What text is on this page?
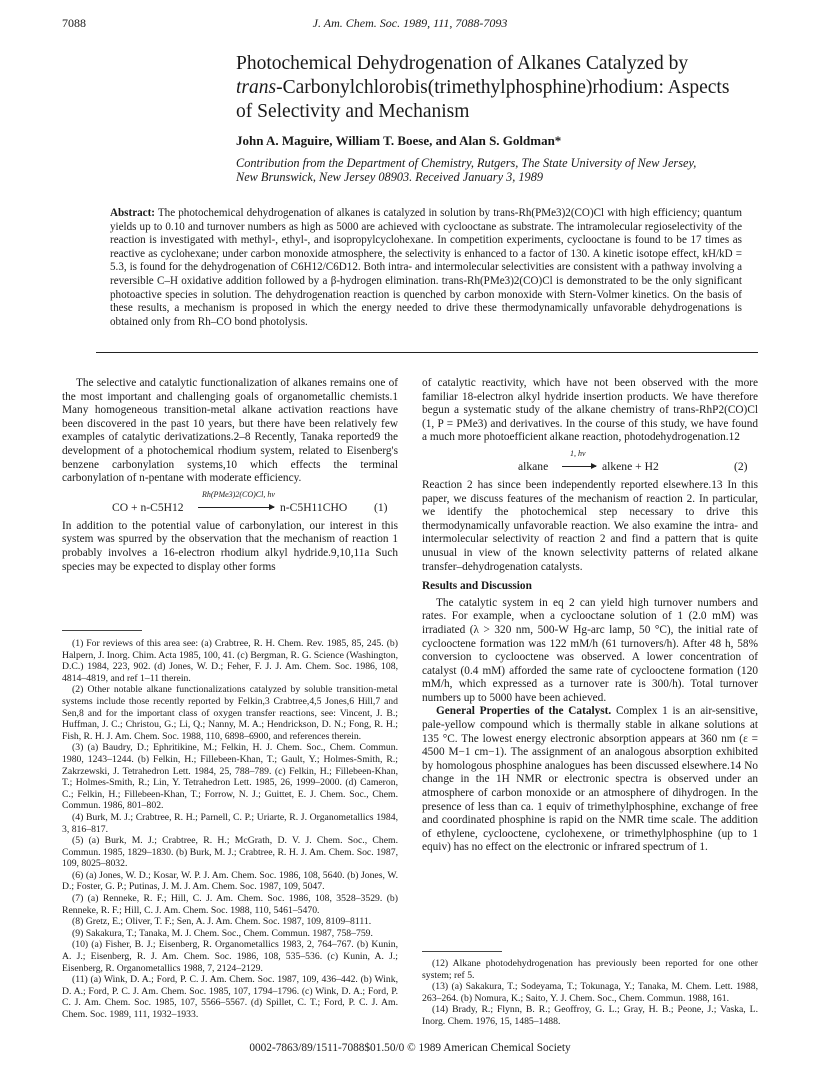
7088	J. Am. Chem. Soc. 1989, 111, 7088-7093
Photochemical Dehydrogenation of Alkanes Catalyzed by
trans-Carbonylchlorobis(trimethylphosphine)rhodium: Aspects
of Selectivity and Mechanism
John A. Maguire, William T. Boese, and Alan S. Goldman*
Contribution from the Department of Chemistry, Rutgers, The State University of New Jersey,
New Brunswick, New Jersey 08903. Received January 3, 1989
Abstract: The photochemical dehydrogenation of alkanes is catalyzed in solution by trans-Rh(PMe3)2(CO)Cl with high efficiency; quantum yields up to 0.10 and turnover numbers as high as 5000 are achieved with cyclooctane as substrate. The intramolecular regioselectivity of the reaction is investigated with methyl-, ethyl-, and isopropylcyclohexane. In competition experiments, cyclooctane is found to be 17 times as reactive as cyclohexane; under carbon monoxide atmosphere, the selectivity is enhanced to a factor of 130. A kinetic isotope effect, kH/kD = 5.3, is found for the dehydrogenation of C6H12/C6D12. Both intra- and intermolecular selectivities are consistent with a pathway involving a reversible C–H oxidative addition followed by a β-hydrogen elimination. trans-Rh(PMe3)2(CO)Cl is demonstrated to be the only significant photoactive species in solution. The dehydrogenation reaction is quenched by carbon monoxide with Stern-Volmer kinetics. On the basis of these results, a mechanism is proposed in which the energy needed to drive these thermodynamically unfavorable dehydrogenations is obtained only from Rh–CO bond photolysis.

The selective and catalytic functionalization of alkanes remains one of the most important and challenging goals of organometallic chemists.1 Many homogeneous transition-metal alkane activation reactions have been discovered in the past 10 years, but there have been relatively few examples of catalytic derivatizations.2–8 Recently, Tanaka reported9 the development of a photochemical rhodium system, related to Eisenberg's benzene carbonylation systems,10 which effects the terminal carbonylation of n-pentane with moderate efficiency.

CO + n-C5H12
Rh(PMe3)2(CO)Cl, hν
n-C5H11CHO (1)

In addition to the potential value of carbonylation, our interest in this system was spurred by the observation that the mechanism of reaction 1 probably involves a 16-electron rhodium alkyl hydride.9,10,11a Such species may be expected to display other forms

of catalytic reactivity, which have not been observed with the more familiar 18-electron alkyl hydride insertion products. We have therefore begun a systematic study of the alkane chemistry of trans-RhP2(CO)Cl (1, P = PMe3) and derivatives. In the course of this study, we have found a much more photoefficient alkane reaction, photodehydrogenation.12

alkane
1, hν
alkene + H2	(2)

Reaction 2 has since been independently reported elsewhere.13 In this paper, we discuss features of the mechanism of reaction 2. In particular, we identify the photochemical step necessary to drive this thermodynamically unfavorable reaction. We also examine the intra- and intermolecular selectivity of reaction 2 and find a pattern that is quite unusual in view of the known selectivity patterns of related alkane transfer–dehydrogenation catalysts.

Results and Discussion

The catalytic system in eq 2 can yield high turnover numbers and rates. For example, when a cyclooctane solution of 1 (2.0 mM) was irradiated (λ > 320 nm, 500-W Hg-arc lamp, 50 °C), the initial rate of cyclooctene formation was 122 mM/h (61 turnovers/h). After 48 h, 58% conversion to cyclooctene was observed. A lower concentration of catalyst (0.4 mM) afforded the same rate of cyclooctene formation (120 mM/h, which expressed as a turnover rate is 300/h). Total turnover numbers up to 5000 have been achieved.

General Properties of the Catalyst. Complex 1 is an air-sensitive, pale-yellow compound which is thermally stable in alkane solutions at 135 °C. The lowest energy electronic absorption appears at 360 nm (ε = 4500 M−1 cm−1). The assignment of an analogous absorption exhibited by homologous phosphine analogues has been discussed elsewhere.14 No change in the 1H NMR or electronic spectra is observed under an atmosphere of carbon monoxide or an atmosphere of dihydrogen. In the presence of less than ca. 1 equiv of trimethylphosphine, exchange of free and coordinated phosphine is rapid on the NMR time scale. The addition of ethylene, cyclooctene, cyclohexene, or trimethylphosphine (up to 1 equiv) has no effect on the electronic or infrared spectrum of 1.

(1) For reviews of this area see: (a) Crabtree, R. H. Chem. Rev. 1985, 85, 245. (b) Halpern, J. Inorg. Chim. Acta 1985, 100, 41. (c) Bergman, R. G. Science (Washington, D.C.) 1984, 223, 902. (d) Jones, W. D.; Feher, F. J. J. Am. Chem. Soc. 1986, 108, 4814–4819, and ref 1–11 therein.

(2) Other notable alkane functionalizations catalyzed by soluble transition-metal systems include those recently reported by Felkin,3 Crabtree,4,5 Jones,6 Hill,7 and Sen,8 and for the important class of oxygen transfer reactions, see: Vincent, J. B.; Huffman, J. C.; Christou, G.; Li, Q.; Nanny, M. A.; Hendrickson, D. N.; Fong, R. H.; Fish, R. H. J. Am. Chem. Soc. 1988, 110, 6898–6900, and references therein.

(3) (a) Baudry, D.; Ephritikine, M.; Felkin, H. J. Chem. Soc., Chem. Commun. 1980, 1243–1244. (b) Felkin, H.; Fillebeen-Khan, T.; Gault, Y.; Holmes-Smith, R.; Zakrzewski, J. Tetrahedron Lett. 1984, 25, 788–789. (c) Felkin, H.; Fillebeen-Khan, T.; Holmes-Smith, R.; Lin, Y. Tetrahedron Lett. 1985, 26, 1999–2000. (d) Cameron, C.; Felkin, H.; Fillebeen-Khan, T.; Forrow, N. J.; Guittet, E. J. Chem. Soc., Chem. Commun. 1986, 801–802.

(4) Burk, M. J.; Crabtree, R. H.; Parnell, C. P.; Uriarte, R. J. Organometallics 1984, 3, 816–817.

(5) (a) Burk, M. J.; Crabtree, R. H.; McGrath, D. V. J. Chem. Soc., Chem. Commun. 1985, 1829–1830. (b) Burk, M. J.; Crabtree, R. H. J. Am. Chem. Soc. 1987, 109, 8025–8032.

(6) (a) Jones, W. D.; Kosar, W. P. J. Am. Chem. Soc. 1986, 108, 5640. (b) Jones, W. D.; Foster, G. P.; Putinas, J. M. J. Am. Chem. Soc. 1987, 109, 5047.

(7) (a) Renneke, R. F.; Hill, C. J. Am. Chem. Soc. 1986, 108, 3528–3529. (b) Renneke, R. F.; Hill, C. J. Am. Chem. Soc. 1988, 110, 5461–5470.

(8) Gretz, E.; Oliver, T. F.; Sen, A. J. Am. Chem. Soc. 1987, 109, 8109–8111.

(9) Sakakura, T.; Tanaka, M. J. Chem. Soc., Chem. Commun. 1987, 758–759.

(10) (a) Fisher, B. J.; Eisenberg, R. Organometallics 1983, 2, 764–767. (b) Kunin, A. J.; Eisenberg, R. J. Am. Chem. Soc. 1986, 108, 535–536. (c) Kunin, A. J.; Eisenberg, R. Organometallics 1988, 7, 2124–2129.

(11) (a) Wink, D. A.; Ford, P. C. J. Am. Chem. Soc. 1987, 109, 436–442. (b) Wink, D. A.; Ford, P. C. J. Am. Chem. Soc. 1985, 107, 1794–1796. (c) Wink, D. A.; Ford, P. C. J. Am. Chem. Soc. 1985, 107, 5566–5567. (d) Spillet, C. T.; Ford, P. C. J. Am. Chem. Soc. 1989, 111, 1932–1933.

(12) Alkane photodehydrogenation has previously been reported for one other system; ref 5.

(13) (a) Sakakura, T.; Sodeyama, T.; Tokunaga, Y.; Tanaka, M. Chem. Lett. 1988, 263–264. (b) Nomura, K.; Saito, Y. J. Chem. Soc., Chem. Commun. 1988, 161.

(14) Brady, R.; Flynn, B. R.; Geoffroy, G. L.; Gray, H. B.; Peone, J.; Vaska, L. Inorg. Chem. 1976, 15, 1485–1488.

0002-7863/89/1511-7088$01.50/0 © 1989 American Chemical Society
